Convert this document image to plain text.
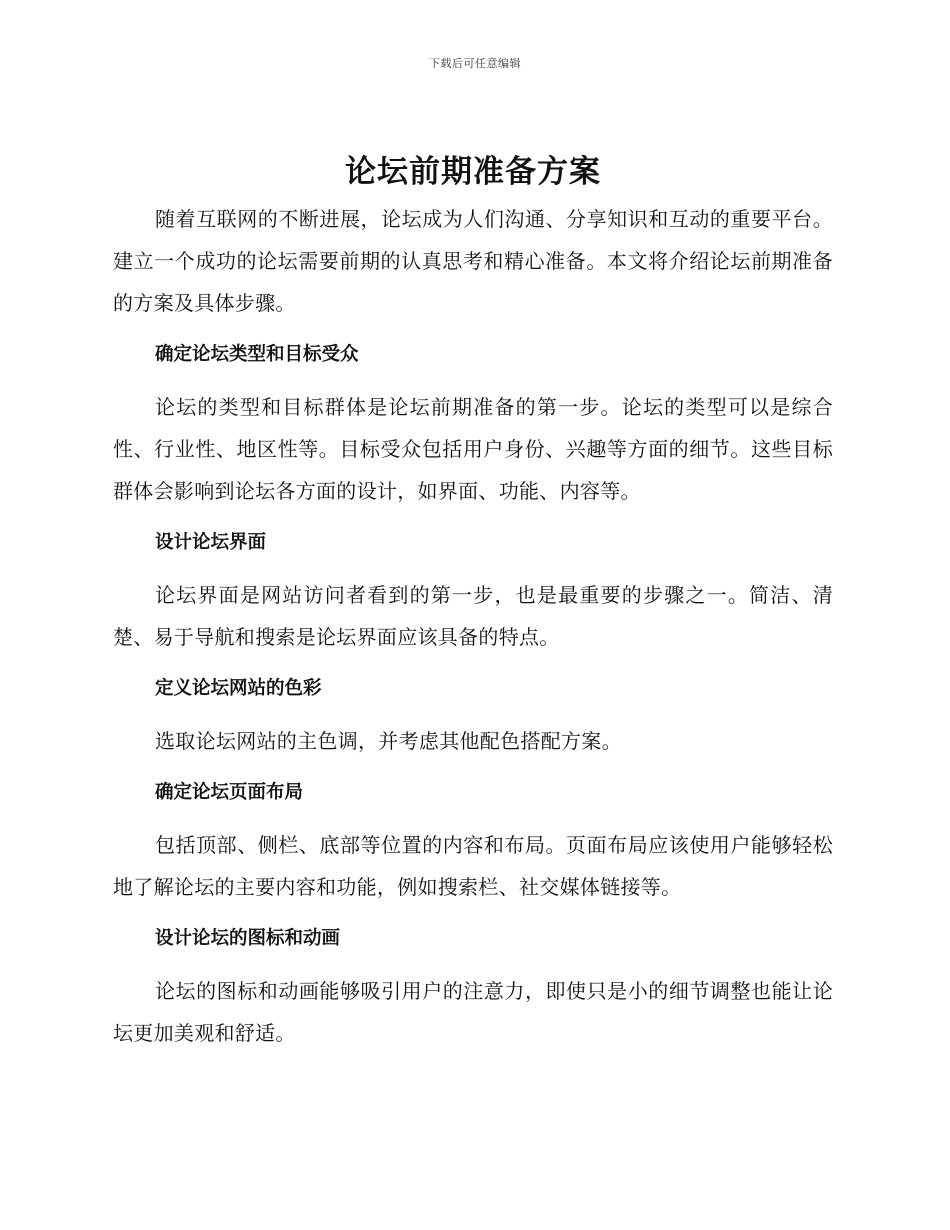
下载后可任意编辑
论坛前期准备方案

随着互联网的不断进展，论坛成为人们沟通、分享知识和互动的重要平台。建立一个成功的论坛需要前期的认真思考和精心准备。本文将介绍论坛前期准备的方案及具体步骤。

确定论坛类型和目标受众

论坛的类型和目标群体是论坛前期准备的第一步。论坛的类型可以是综合性、行业性、地区性等。目标受众包括用户身份、兴趣等方面的细节。这些目标群体会影响到论坛各方面的设计，如界面、功能、内容等。

设计论坛界面

论坛界面是网站访问者看到的第一步，也是最重要的步骤之一。简洁、清楚、易于导航和搜索是论坛界面应该具备的特点。

定义论坛网站的色彩

选取论坛网站的主色调，并考虑其他配色搭配方案。

确定论坛页面布局

包括顶部、侧栏、底部等位置的内容和布局。页面布局应该使用户能够轻松地了解论坛的主要内容和功能，例如搜索栏、社交媒体链接等。

设计论坛的图标和动画

论坛的图标和动画能够吸引用户的注意力，即使只是小的细节调整也能让论坛更加美观和舒适。
